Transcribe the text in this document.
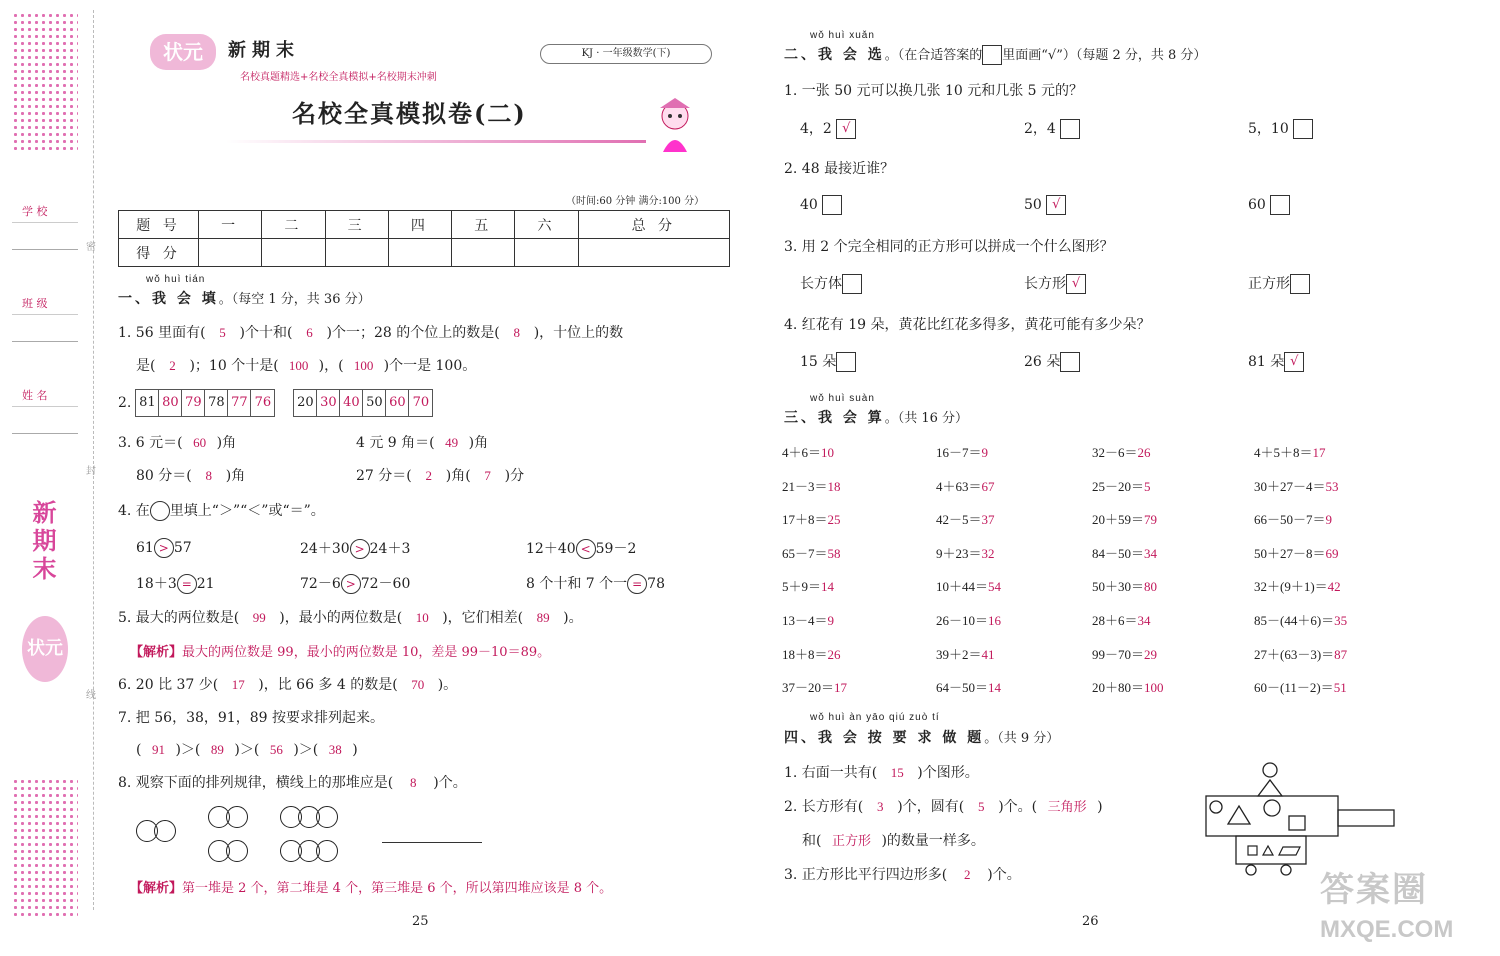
密
封
线
学 校
班 级
姓 名
新期末
状元
状元	新期末
名校真题精选+名校全真模拟+名校期末冲刺
KJ · 一年级数学(下)
名校全真模拟卷(二)
（时间:60 分钟 满分:100 分）
题 号	一	二	三	四	五	六	总 分
得 分							
wǒ huì tián
一、我 会 填。（每空 1 分，共 36 分）
1. 56 里面有( 5 )个十和( 6 )个一；28 的个位上的数是( 8 )，十位上的数
是( 2 )；10 个十是( 100 )，( 100 )个一是 100。
2. 81 80 79 78 77 76 20 30 40 50 60 70
3. 6 元＝( 60 )角	4 元 9 角＝( 49 )角
80 分＝( 8 )角	27 分＝( 2 )角( 7 )分
4. 在 里填上“＞”“＜”或“＝”。
61 > 57	24＋30 > 24＋3	12＋40 < 59－2
18＋3 = 21	72－6 > 72－60	8 个十和 7 个一 = 78
5. 最大的两位数是( 99 )，最小的两位数是( 10 )，它们相差( 89 )。
【解析】最大的两位数是 99，最小的两位数是 10，差是 99－10＝89。
6. 20 比 37 少( 17 )，比 66 多 4 的数是( 70 )。
7. 把 56，38，91，89 按要求排列起来。
( 91 )＞( 89 )＞( 56 )＞( 38 )
8. 观察下面的排列规律，横线上的那堆应是( 8 )个。
【解析】第一堆是 2 个，第二堆是 4 个，第三堆是 6 个，所以第四堆应该是 8 个。
25
wǒ huì xuǎn
二、我 会 选。（在合适答案的 里面画“√”）（每题 2 分，共 8 分）
1. 一张 50 元可以换几张 10 元和几张 5 元的？
4，2 √	2，4	5，10
2. 48 最接近谁？
40	50 √	60
3. 用 2 个完全相同的正方形可以拼成一个什么图形？
长方体	长方形 √	正方形
4. 红花有 19 朵，黄花比红花多得多，黄花可能有多少朵？
15 朵	26 朵	81 朵 √
wǒ huì suàn
三、我 会 算。（共 16 分）
4＋6＝10	16－7＝9	32－6＝26	4＋5＋8＝17
21－3＝18	4＋63＝67	25－20＝5	30＋27－4＝53
17＋8＝25	42－5＝37	20＋59＝79	66－50－7＝9
65－7＝58	9＋23＝32	84－50＝34	50＋27－8＝69
5＋9＝14	10＋44＝54	50＋30＝80	32＋(9＋1)＝42
13－4＝9	26－10＝16	28＋6＝34	85－(44＋6)＝35
18＋8＝26	39＋2＝41	99－70＝29	27＋(63－3)＝87
37－20＝17	64－50＝14	20＋80＝100	60－(11－2)＝51
wǒ huì àn yāo qiú zuò tí
四、我 会 按 要 求 做 题。（共 9 分）
1. 右面一共有( 15 )个图形。
2. 长方形有( 3 )个，圆有( 5 )个。( 三角形 )
和( 正方形 )的数量一样多。
3. 正方形比平行四边形多( 2 )个。
26
答案圈
MXQE.COM
